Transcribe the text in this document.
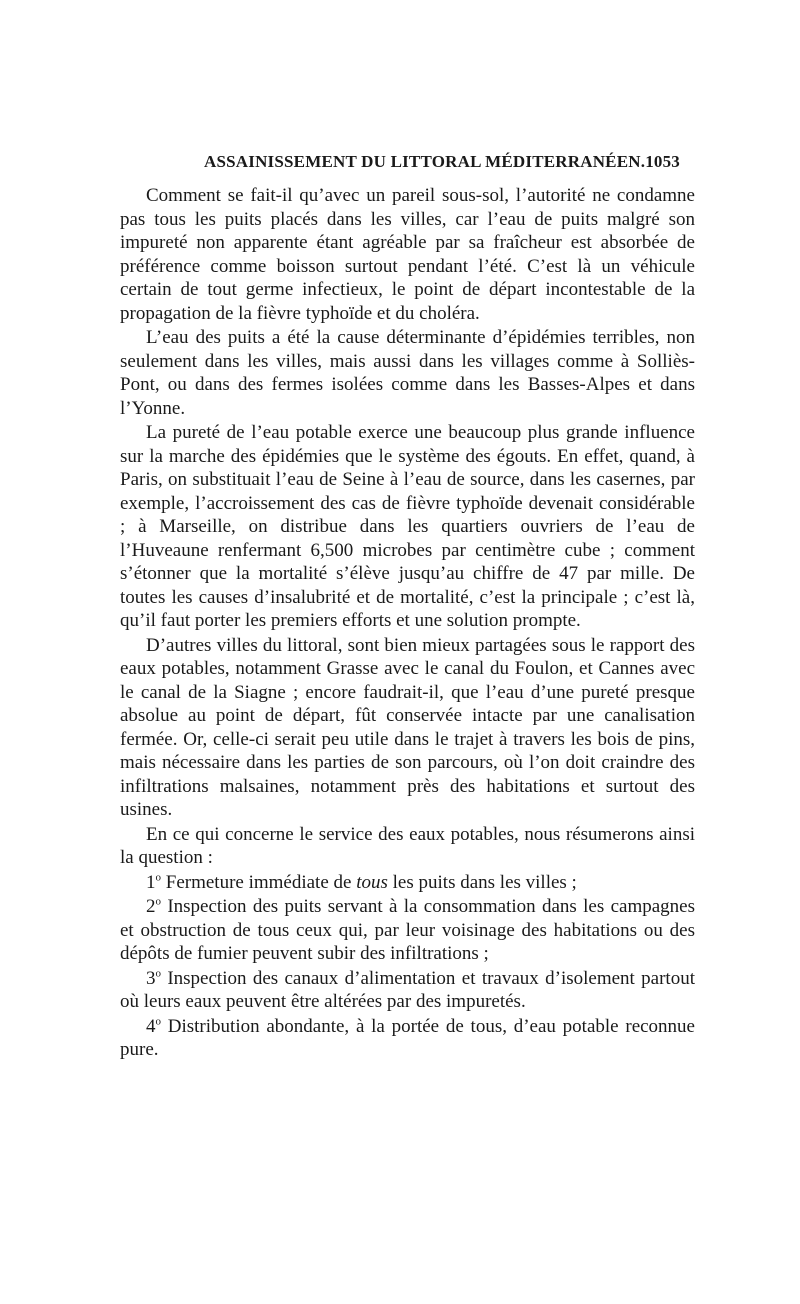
ASSAINISSEMENT DU LITTORAL MÉDITERRANÉEN. 1053

Comment se fait-il qu’avec un pareil sous-sol, l’autorité ne condamne pas tous les puits placés dans les villes, car l’eau de puits malgré son impureté non apparente étant agréable par sa fraîcheur est absorbée de préférence comme boisson surtout pendant l’été. C’est là un véhicule certain de tout germe infectieux, le point de départ incontestable de la propagation de la fièvre typhoïde et du choléra.

L’eau des puits a été la cause déterminante d’épidémies terribles, non seulement dans les villes, mais aussi dans les villages comme à Solliès-Pont, ou dans des fermes isolées comme dans les Basses-Alpes et dans l’Yonne.

La pureté de l’eau potable exerce une beaucoup plus grande influence sur la marche des épidémies que le système des égouts. En effet, quand, à Paris, on substituait l’eau de Seine à l’eau de source, dans les casernes, par exemple, l’accroissement des cas de fièvre typhoïde devenait considérable ; à Marseille, on distribue dans les quartiers ouvriers de l’eau de l’Huveaune renfermant 6,500 microbes par centimètre cube ; comment s’étonner que la mortalité s’élève jusqu’au chiffre de 47 par mille. De toutes les causes d’insalubrité et de mortalité, c’est la principale ; c’est là, qu’il faut porter les premiers efforts et une solution prompte.

D’autres villes du littoral, sont bien mieux partagées sous le rapport des eaux potables, notamment Grasse avec le canal du Foulon, et Cannes avec le canal de la Siagne ; encore faudrait-il, que l’eau d’une pureté presque absolue au point de départ, fût conservée intacte par une canalisation fermée. Or, celle-ci serait peu utile dans le trajet à travers les bois de pins, mais nécessaire dans les parties de son parcours, où l’on doit craindre des infiltrations malsaines, notamment près des habitations et surtout des usines.

En ce qui concerne le service des eaux potables, nous résumerons ainsi la question :

1$^o$ Fermeture immédiate de tous les puits dans les villes ;

2$^o$ Inspection des puits servant à la consommation dans les campagnes et obstruction de tous ceux qui, par leur voisinage des habitations ou des dépôts de fumier peuvent subir des infiltrations ;

3$^o$ Inspection des canaux d’alimentation et travaux d’isolement partout où leurs eaux peuvent être altérées par des impuretés.

4$^o$ Distribution abondante, à la portée de tous, d’eau potable reconnue pure.
